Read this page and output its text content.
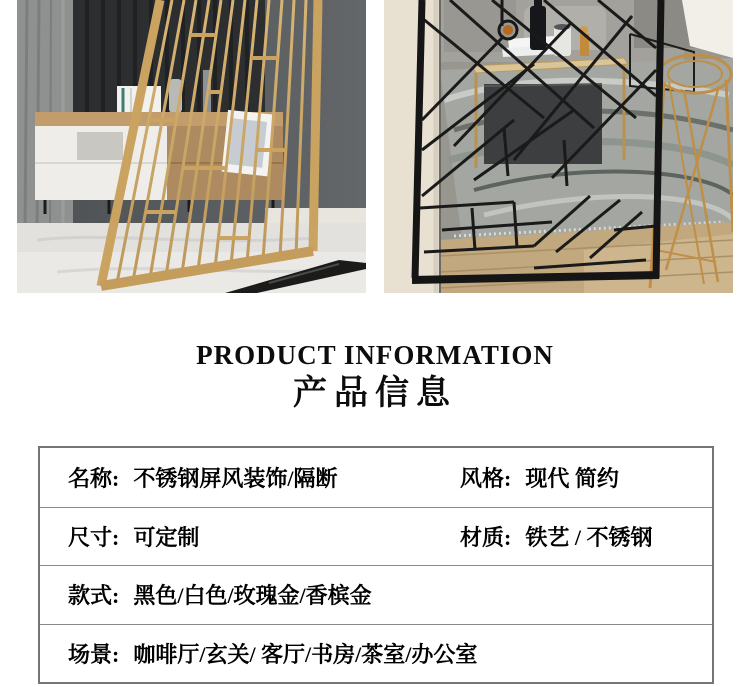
PRODUCT INFORMATION
产品信息
名称: 不锈钢屏风装饰/隔断	风格: 现代 简约
尺寸: 可定制	材质: 铁艺 / 不锈钢
款式: 黑色/白色/玫瑰金/香槟金
场景: 咖啡厅/玄关/ 客厅/书房/茶室/办公室
